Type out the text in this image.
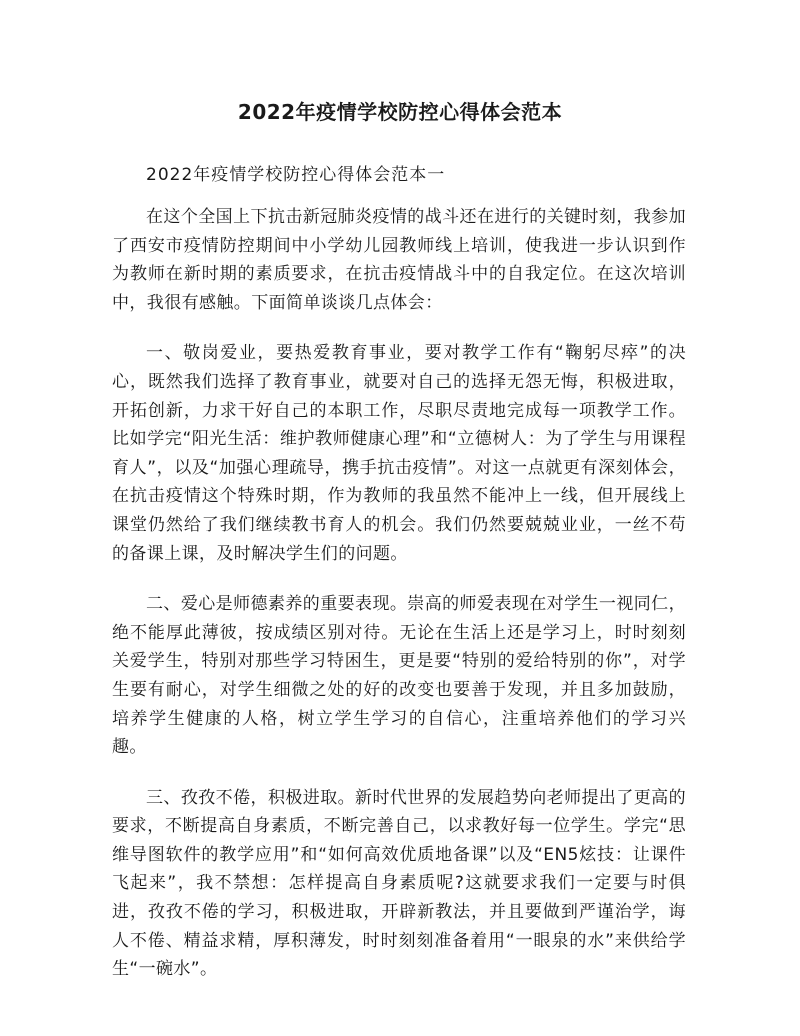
2022年疫情学校防控心得体会范本
2022年疫情学校防控心得体会范本一

在这个全国上下抗击新冠肺炎疫情的战斗还在进行的关键时刻，我参加了西安市疫情防控期间中小学幼儿园教师线上培训，使我进一步认识到作为教师在新时期的素质要求，在抗击疫情战斗中的自我定位。在这次培训中，我很有感触。下面简单谈谈几点体会：

一、敬岗爱业，要热爱教育事业，要对教学工作有“鞠躬尽瘁”的决心，既然我们选择了教育事业，就要对自己的选择无怨无悔，积极进取，开拓创新，力求干好自己的本职工作，尽职尽责地完成每一项教学工作。比如学完“阳光生活：维护教师健康心理”和“立德树人：为了学生与用课程育人”，以及“加强心理疏导，携手抗击疫情”。对这一点就更有深刻体会，在抗击疫情这个特殊时期，作为教师的我虽然不能冲上一线，但开展线上课堂仍然给了我们继续教书育人的机会。我们仍然要兢兢业业，一丝不苟的备课上课，及时解决学生们的问题。

二、爱心是师德素养的重要表现。崇高的师爱表现在对学生一视同仁，绝不能厚此薄彼，按成绩区别对待。无论在生活上还是学习上，时时刻刻关爱学生，特别对那些学习特困生，更是要“特别的爱给特别的你”，对学生要有耐心，对学生细微之处的好的改变也要善于发现，并且多加鼓励，培养学生健康的人格，树立学生学习的自信心，注重培养他们的学习兴趣。

三、孜孜不倦，积极进取。新时代世界的发展趋势向老师提出了更高的要求，不断提高自身素质，不断完善自己，以求教好每一位学生。学完“思维导图软件的教学应用”和“如何高效优质地备课”以及“EN5炫技：让课件飞起来”，我不禁想：怎样提高自身素质呢?这就要求我们一定要与时俱进，孜孜不倦的学习，积极进取，开辟新教法，并且要做到严谨治学，诲人不倦、精益求精，厚积薄发，时时刻刻准备着用“一眼泉的水”来供给学生“一碗水”。
